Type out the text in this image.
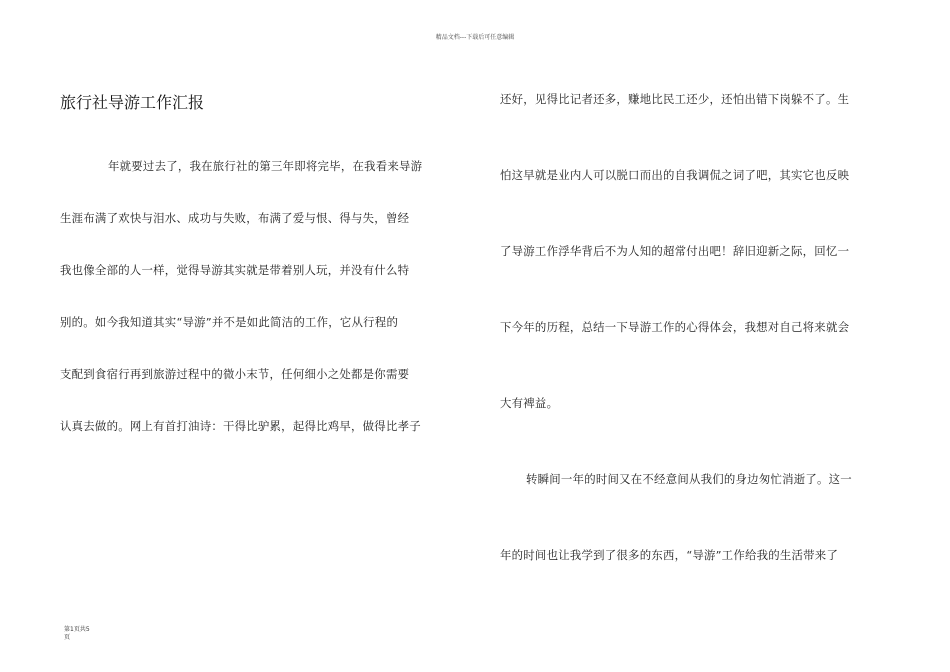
精品文档---下载后可任意编辑
旅行社导游工作汇报
年就要过去了，我在旅行社的第三年即将完毕，在我看来导游
生涯布满了欢快与泪水、成功与失败，布满了爱与恨、得与失，曾经
我也像全部的人一样，觉得导游其实就是带着别人玩，并没有什么特
别的。如今我知道其实“导游”并不是如此简洁的工作，它从行程的
支配到食宿行再到旅游过程中的微小末节，任何细小之处都是你需要
认真去做的。网上有首打油诗：干得比驴累，起得比鸡早，做得比孝子
还好，见得比记者还多，赚地比民工还少，还怕出错下岗躲不了。生
怕这早就是业内人可以脱口而出的自我调侃之词了吧，其实它也反映
了导游工作浮华背后不为人知的超常付出吧！辞旧迎新之际，回忆一
下今年的历程，总结一下导游工作的心得体会，我想对自己将来就会
大有裨益。
转瞬间一年的时间又在不经意间从我们的身边匆忙消逝了。这一
年的时间也让我学到了很多的东西，“导游”工作给我的生活带来了
第1页共5
页
